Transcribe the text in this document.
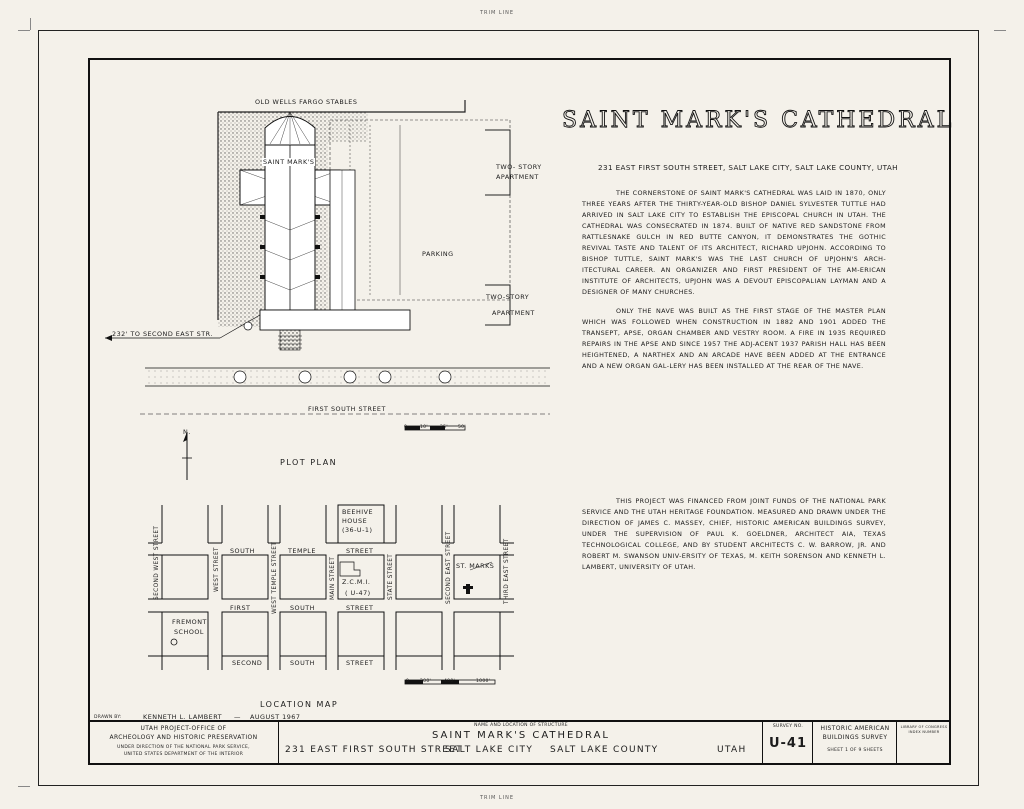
TRIM LINE
TRIM LINE
SAINT MARK'S CATHEDRAL
231 EAST FIRST SOUTH STREET, SALT LAKE CITY, SALT LAKE COUNTY, UTAH

THE CORNERSTONE OF SAINT MARK'S CATHEDRAL WAS LAID IN 1870, ONLY THREE YEARS AFTER THE THIRTY-YEAR-OLD BISHOP DANIEL SYLVESTER TUTTLE HAD ARRIVED IN SALT LAKE CITY TO ESTABLISH THE EPISCOPAL CHURCH IN UTAH. THE CATHEDRAL WAS CONSECRATED IN 1874. BUILT OF NATIVE RED SANDSTONE FROM RATTLESNAKE GULCH IN RED BUTTE CANYON, IT DEMONSTRATES THE GOTHIC REVIVAL TASTE AND TALENT OF ITS ARCHITECT, RICHARD UPJOHN. ACCORDING TO BISHOP TUTTLE, SAINT MARK'S WAS THE LAST CHURCH OF UPJOHN'S ARCH-ITECTURAL CAREER. AN ORGANIZER AND FIRST PRESIDENT OF THE AM-ERICAN INSTITUTE OF ARCHITECTS, UPJOHN WAS A DEVOUT EPISCOPALIAN LAYMAN AND A DESIGNER OF MANY CHURCHES.

ONLY THE NAVE WAS BUILT AS THE FIRST STAGE OF THE MASTER PLAN WHICH WAS FOLLOWED WHEN CONSTRUCTION IN 1882 AND 1901 ADDED THE TRANSEPT, APSE, ORGAN CHAMBER AND VESTRY ROOM. A FIRE IN 1935 REQUIRED REPAIRS IN THE APSE AND SINCE 1957 THE ADJ-ACENT 1937 PARISH HALL HAS BEEN HEIGHTENED, A NARTHEX AND AN ARCADE HAVE BEEN ADDED AT THE ENTRANCE AND A NEW ORGAN GAL-LERY HAS BEEN INSTALLED AT THE REAR OF THE NAVE.

THIS PROJECT WAS FINANCED FROM JOINT FUNDS OF THE NATIONAL PARK SERVICE AND THE UTAH HERITAGE FOUNDATION. MEASURED AND DRAWN UNDER THE DIRECTION OF JAMES C. MASSEY, CHIEF, HISTORIC AMERICAN BUILDINGS SURVEY, UNDER THE SUPERVISION OF PAUL K. GOELDNER, ARCHITECT AIA, TEXAS TECHNOLOGICAL COLLEGE, AND BY STUDENT ARCHITECTS C. W. BARROW, JR. AND ROBERT M. SWANSON UNIV-ERSITY OF TEXAS, M. KEITH SORENSON AND KENNETH L. LAMBERT, UNIVERSITY OF UTAH.

OLD WELLS FARGO STABLES
SAINT MARK'S
TWO- STORY
APARTMENT
PARKING
TWO-STORY
APARTMENT
232' TO SECOND EAST STR.
FIRST SOUTH STREET
0	10'	25' 50'
N.
PLOT PLAN
BEEHIVE
HOUSE
(36-U-1)
Z.C.M.I.
( U-47)
ST. MARKS
FREMONT
SCHOOL
SOUTH	TEMPLE	STREET
FIRST	SOUTH	STREET
SECOND	SOUTH	STREET
SECOND WEST STREET	WEST STREET	WEST TEMPLE STREET	MAIN STREET	STATE STREET	SECOND EAST STREET	THIRD EAST STREET
0 200'	400'	1000'
LOCATION MAP
DRAWN BY:	KENNETH L. LAMBERT — AUGUST 1967
UTAH PROJECT-OFFICE OF
ARCHEOLOGY AND HISTORIC PRESERVATION
UNDER DIRECTION OF THE NATIONAL PARK SERVICE,
UNITED STATES DEPARTMENT OF THE INTERIOR
NAME AND LOCATION OF STRUCTURE
SAINT MARK'S CATHEDRAL
231 EAST FIRST SOUTH STREET
SALT LAKE CITY SALT LAKE COUNTY	UTAH
SURVEY NO.
U-41
HISTORIC AMERICAN
BUILDINGS SURVEY
SHEET 1 OF 9 SHEETS
LIBRARY OF CONGRESS
INDEX NUMBER
